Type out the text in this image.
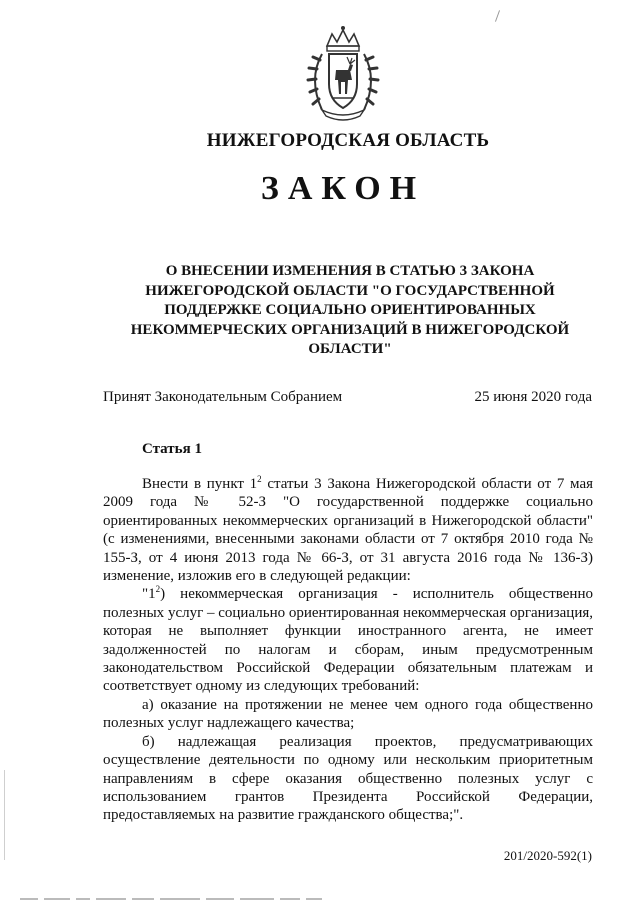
НИЖЕГОРОДСКАЯ ОБЛАСТЬ
ЗАКОН
О ВНЕСЕНИИ ИЗМЕНЕНИЯ В СТАТЬЮ 3 ЗАКОНА НИЖЕГОРОДСКОЙ ОБЛАСТИ "О ГОСУДАРСТВЕННОЙ ПОДДЕРЖКЕ СОЦИАЛЬНО ОРИЕНТИРОВАННЫХ НЕКОММЕРЧЕСКИХ ОРГАНИЗАЦИЙ В НИЖЕГОРОДСКОЙ ОБЛАСТИ"
Принят Законодательным Собранием	25 июня 2020 года
Статья 1

Внести в пункт $1^2$ статьи 3 Закона Нижегородской области от 7 мая 2009 года № 52-З "О государственной поддержке социально ориентированных некоммерческих организаций в Нижегородской области" (с изменениями, внесенными законами области от 7 октября 2010 года № 155-З, от 4 июня 2013 года № 66-З, от 31 августа 2016 года № 136-З) изменение, изложив его в следующей редакции:

"$1^2$) некоммерческая организация - исполнитель общественно полезных услуг – социально ориентированная некоммерческая организация, которая не выполняет функции иностранного агента, не имеет задолженностей по налогам и сборам, иным предусмотренным законодательством Российской Федерации обязательным платежам и соответствует одному из следующих требований:

а) оказание на протяжении не менее чем одного года общественно полезных услуг надлежащего качества;

б) надлежащая реализация проектов, предусматривающих осуществление деятельности по одному или нескольким приоритетным направлениям в сфере оказания общественно полезных услуг с использованием грантов Президента Российской Федерации, предоставляемых на развитие гражданского общества;".

201/2020-592(1)
